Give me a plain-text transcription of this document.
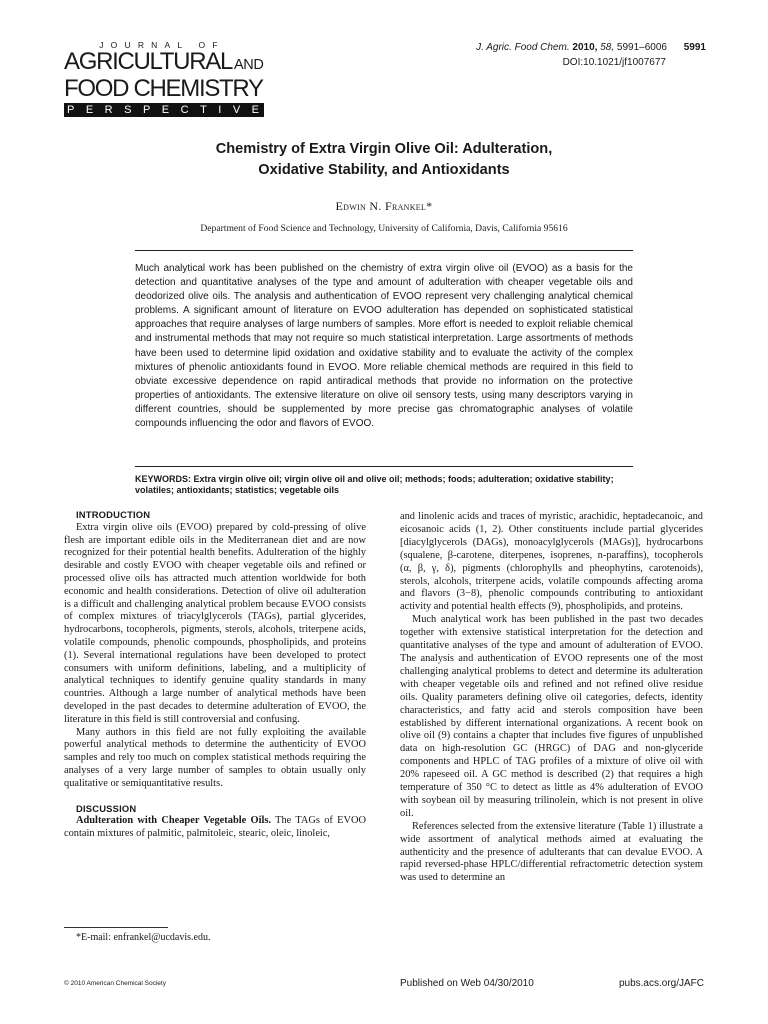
JOURNAL OF
AGRICULTURAL AND
FOOD CHEMISTRY
PERSPECTIVE
J. Agric. Food Chem. 2010, 58, 5991–6006 5991
DOI:10.1021/jf1007677
Chemistry of Extra Virgin Olive Oil: Adulteration,
Oxidative Stability, and Antioxidants
Edwin N. Frankel*
Department of Food Science and Technology, University of California, Davis, California 95616
Much analytical work has been published on the chemistry of extra virgin olive oil (EVOO) as a basis for the detection and quantitative analyses of the type and amount of adulteration with cheaper vegetable oils and deodorized olive oils. The analysis and authentication of EVOO represent very challenging analytical chemical problems. A significant amount of literature on EVOO adulteration has depended on sophisticated statistical approaches that require analyses of large numbers of samples. More effort is needed to exploit reliable chemical and instrumental methods that may not require so much statistical interpretation. Large assortments of methods have been used to determine lipid oxidation and oxidative stability and to evaluate the activity of the complex mixtures of phenolic antioxidants found in EVOO. More reliable chemical methods are required in this field to obviate excessive dependence on rapid antiradical methods that provide no information on the protective properties of antioxidants. The extensive literature on olive oil sensory tests, using many descriptors varying in different countries, should be supplemented by more precise gas chromatographic analyses of volatile compounds influencing the odor and flavors of EVOO.
KEYWORDS: Extra virgin olive oil; virgin olive oil and olive oil; methods; foods; adulteration; oxidative stability; volatiles; antioxidants; statistics; vegetable oils

INTRODUCTION

Extra virgin olive oils (EVOO) prepared by cold-pressing of olive flesh are important edible oils in the Mediterranean diet and are now recognized for their potential health benefits. Adulteration of the highly desirable and costly EVOO with cheaper vegetable oils and refined or processed olive oils has attracted much attention worldwide for both economic and health considerations. Detection of olive oil adulteration is a difficult and challenging analytical problem because EVOO consists of complex mixtures of triacylglycerols (TAGs), partial glycerides, hydrocarbons, tocopherols, pigments, sterols, alcohols, triterpene acids, volatile compounds, phenolic compounds, phospholipids, and proteins (1). Several international regulations have been developed to protect consumers with uniform definitions, labeling, and a multiplicity of analytical techniques to identify genuine quality standards in many countries. Although a large number of analytical methods have been developed in the past decades to determine adulteration of EVOO, the literature in this field is still controversial and confusing.

Many authors in this field are not fully exploiting the available powerful analytical methods to determine the authenticity of EVOO samples and rely too much on complex statistical methods requiring the analyses of a very large number of samples to obtain usually only qualitative or semiquantitative results.

DISCUSSION

Adulteration with Cheaper Vegetable Oils. The TAGs of EVOO contain mixtures of palmitic, palmitoleic, stearic, oleic, linoleic,

and linolenic acids and traces of myristic, arachidic, heptadecanoic, and eicosanoic acids (1, 2). Other constituents include partial glycerides [diacylglycerols (DAGs), monoacylglycerols (MAGs)], hydrocarbons (squalene, β-carotene, diterpenes, isoprenes, n-paraffins), tocopherols (α, β, γ, δ), pigments (chlorophylls and pheophytins, carotenoids), sterols, alcohols, triterpene acids, volatile compounds affecting aroma and flavors (3−8), phenolic compounds contributing to antioxidant activity and potential health effects (9), phospholipids, and proteins.

Much analytical work has been published in the past two decades together with extensive statistical interpretation for the detection and quantitative analyses of the type and amount of adulteration of EVOO. The analysis and authentication of EVOO represents one of the most challenging analytical problems to detect and determine its adulteration with cheaper vegetable oils and refined and not refined olive residue oils. Quality parameters defining olive oil categories, defects, identity characteristics, and fatty acid and sterols composition have been established by different international organizations. A recent book on olive oil (9) contains a chapter that includes five figures of unpublished data on high-resolution GC (HRGC) of DAG and non-glyceride components and HPLC of TAG profiles of a mixture of olive oil with 20% rapeseed oil. A GC method is described (2) that requires a high temperature of 350 °C to detect as little as 4% adulteration of EVOO with soybean oil by measuring trilinolein, which is not present in olive oil.

References selected from the extensive literature (Table 1) illustrate a wide assortment of analytical methods aimed at evaluating the authenticity and the presence of adulterants that can devalue EVOO. A rapid reversed-phase HPLC/differential refractometric detection system was used to determine an

*E-mail: enfrankel@ucdavis.edu.
© 2010 American Chemical Society	Published on Web 04/30/2010	pubs.acs.org/JAFC
